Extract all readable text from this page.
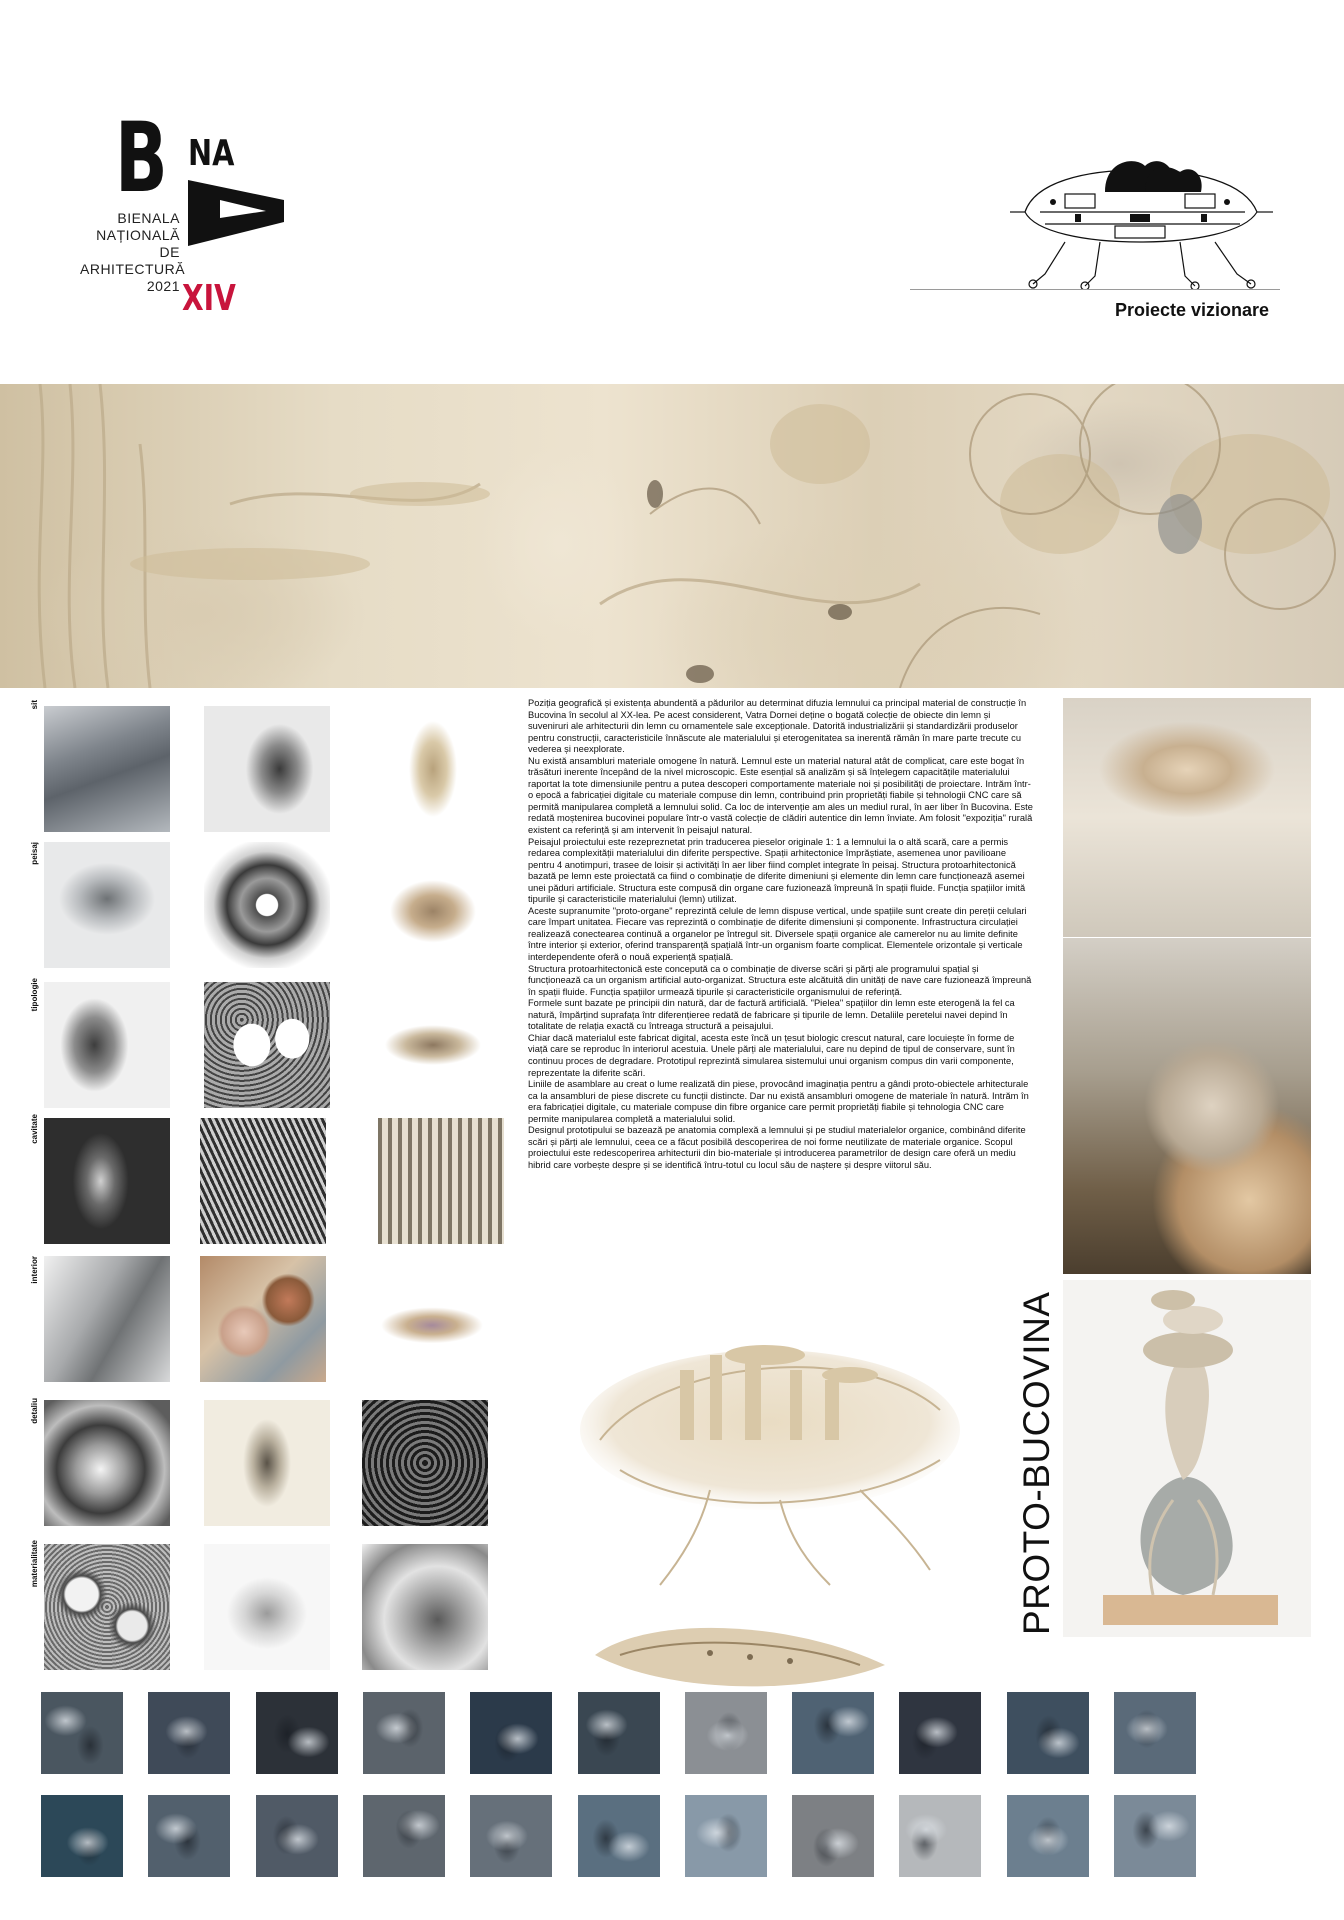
B NA
BIENALA
NAȚIONALĂ
DE
ARHITECTURĂ
2021 XIV	Proiecte vizionare
sit
peisaj
tipologie
cavitate
interior
detaliu
materialitate

Poziția geografică și existența abundentă a pădurilor au determinat difuzia lemnului ca principal material de construcție în Bucovina în secolul al XX-lea. Pe acest considerent, Vatra Dornei deține o bogată colecție de obiecte din lemn și suveniruri ale arhitecturii din lemn cu ornamentele sale excepționale. Datorită industrializării și standardizării produselor pentru construcții, caracteristicile înnăscute ale materialului și eterogenitatea sa inerentă rămân în mare parte trecute cu vederea și neexplorate.

Nu există ansambluri materiale omogene în natură. Lemnul este un material natural atât de complicat, care este bogat în trăsături inerente începând de la nivel microscopic. Este esențial să analizăm și să înțelegem capacitățile materialului raportat la tote dimensiunile pentru a putea descoperi comportamente materiale noi și posibilități de proiectare. Intrăm într-o epocă a fabricației digitale cu materiale compuse din lemn, contribuind prin proprietăți fiabile și tehnologii CNC care să permită manipularea completă a lemnului solid. Ca loc de intervenție am ales un mediul rural, în aer liber în Bucovina. Este redată moștenirea bucovinei populare într-o vastă colecție de clădiri autentice din lemn înviate. Am folosit "expoziția" rurală existent ca referință și am intervenit în peisajul natural.

Peisajul proiectului este rezepreznetat prin traducerea pieselor originale 1: 1 a lemnului la o altă scară, care a permis redarea complexității materialului din diferite perspective. Spații arhitectonice împrăștiate, asemenea unor pavilioane pentru 4 anotimpuri, trasee de loisir și activități în aer liber fiind complet integrate în peisaj. Structura protoarhitectonică bazată pe lemn este proiectată ca fiind o combinație de diferite dimeniuni și elemente din lemn care funcționează asemei unei păduri artificiale. Structura este compusă din organe care fuzionează împreună în spații fluide. Funcția spațiilor imită tipurile și caracteristicile materialului (lemn) utilizat.

Aceste supranumite "proto-organe" reprezintă celule de lemn dispuse vertical, unde spațiile sunt create din pereții celulari care împart unitatea. Fiecare vas reprezintă o combinație de diferite dimensiuni și componente. Infrastructura circulației realizează conectearea continuă a organelor pe întregul sit. Diversele spații organice ale camerelor nu au limite definite între interior și exterior, oferind transparență spațială într-un organism foarte complicat. Elementele orizontale și verticale interdependente oferă o nouă experiență spațială.

Structura protoarhitectonică este concepută ca o combinație de diverse scări și părți ale programului spațial și funcționează ca un organism artificial auto-organizat. Structura este alcătuită din unități de nave care fuzionează împreună în spații fluide. Funcția spațiilor urmează tipurile și caracteristicile organismului de referință.

Formele sunt bazate pe principii din natură, dar de factură artificială. "Pielea" spațiilor din lemn este eterogenă la fel ca natură, împărțind suprafața într diferențieree redată de fabricare și tipurile de lemn. Detaliile peretelui navei depind în totalitate de relația exactă cu întreaga structură a peisajului.

Chiar dacă materialul este fabricat digital, acesta este încă un țesut biologic crescut natural, care locuiește în forme de viață care se reproduc în interiorul acestuia. Unele părți ale materialului, care nu depind de tipul de conservare, sunt în continuu proces de degradare. Prototipul reprezintă simularea sistemului unui organism compus din varii componente, reprezentate la diferite scări.

Liniile de asamblare au creat o lume realizată din piese, provocând imaginația pentru a gândi proto-obiectele arhitecturale ca la ansambluri de piese discrete cu funcții distincte. Dar nu există ansambluri omogene de materiale în natură. Intrăm în era fabricației digitale, cu materiale compuse din fibre organice care permit proprietăți fiabile și tehnologia CNC care permite manipularea completă a materialului solid.

Designul prototipului se bazează pe anatomia complexă a lemnului și pe studiul materialelor organice, combinând diferite scări și părți ale lemnului, ceea ce a făcut posibilă descoperirea de noi forme neutilizate de materiale organice. Scopul proiectului este redescoperirea arhitecturii din bio-materiale și introducerea parametrilor de design care oferă un mediu hibrid care vorbește despre și se identifică întru-totul cu locul său de naștere și despre viitorul său.

PROTO-BUCOVINA
